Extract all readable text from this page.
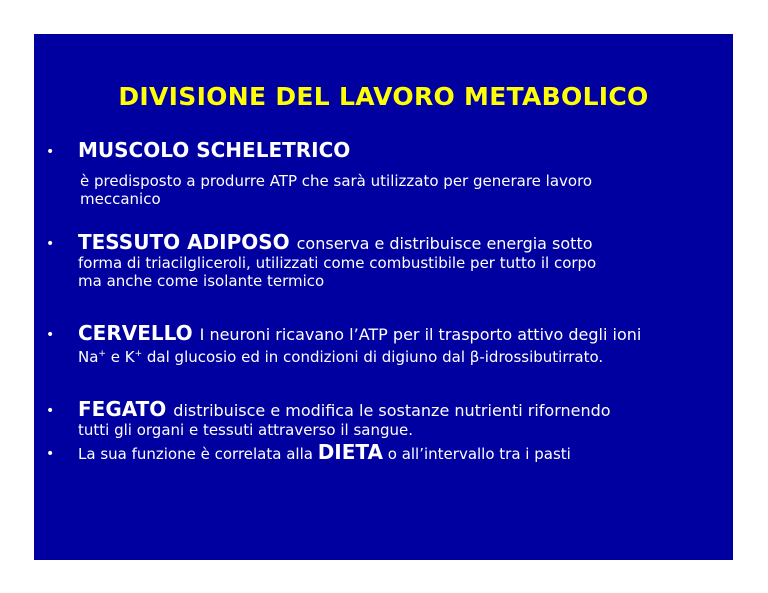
DIVISIONE DEL LAVORO METABOLICO
• MUSCOLO SCHELETRICO
è predisposto a produrre ATP che sarà utilizzato per generare lavoro
meccanico
• TESSUTO ADIPOSO conserva e distribuisce energia sotto
forma di triacilgliceroli, utilizzati come combustibile per tutto il corpo
ma anche come isolante termico
• CERVELLO I neuroni ricavano l’ATP per il trasporto attivo degli ioni
Na+ e K+ dal glucosio ed in condizioni di digiuno dal β-idrossibutirrato.
• FEGATO distribuisce e modifica le sostanze nutrienti rifornendo
tutti gli organi e tessuti attraverso il sangue.
• La sua funzione è correlata alla DIETA o all’intervallo tra i pasti
